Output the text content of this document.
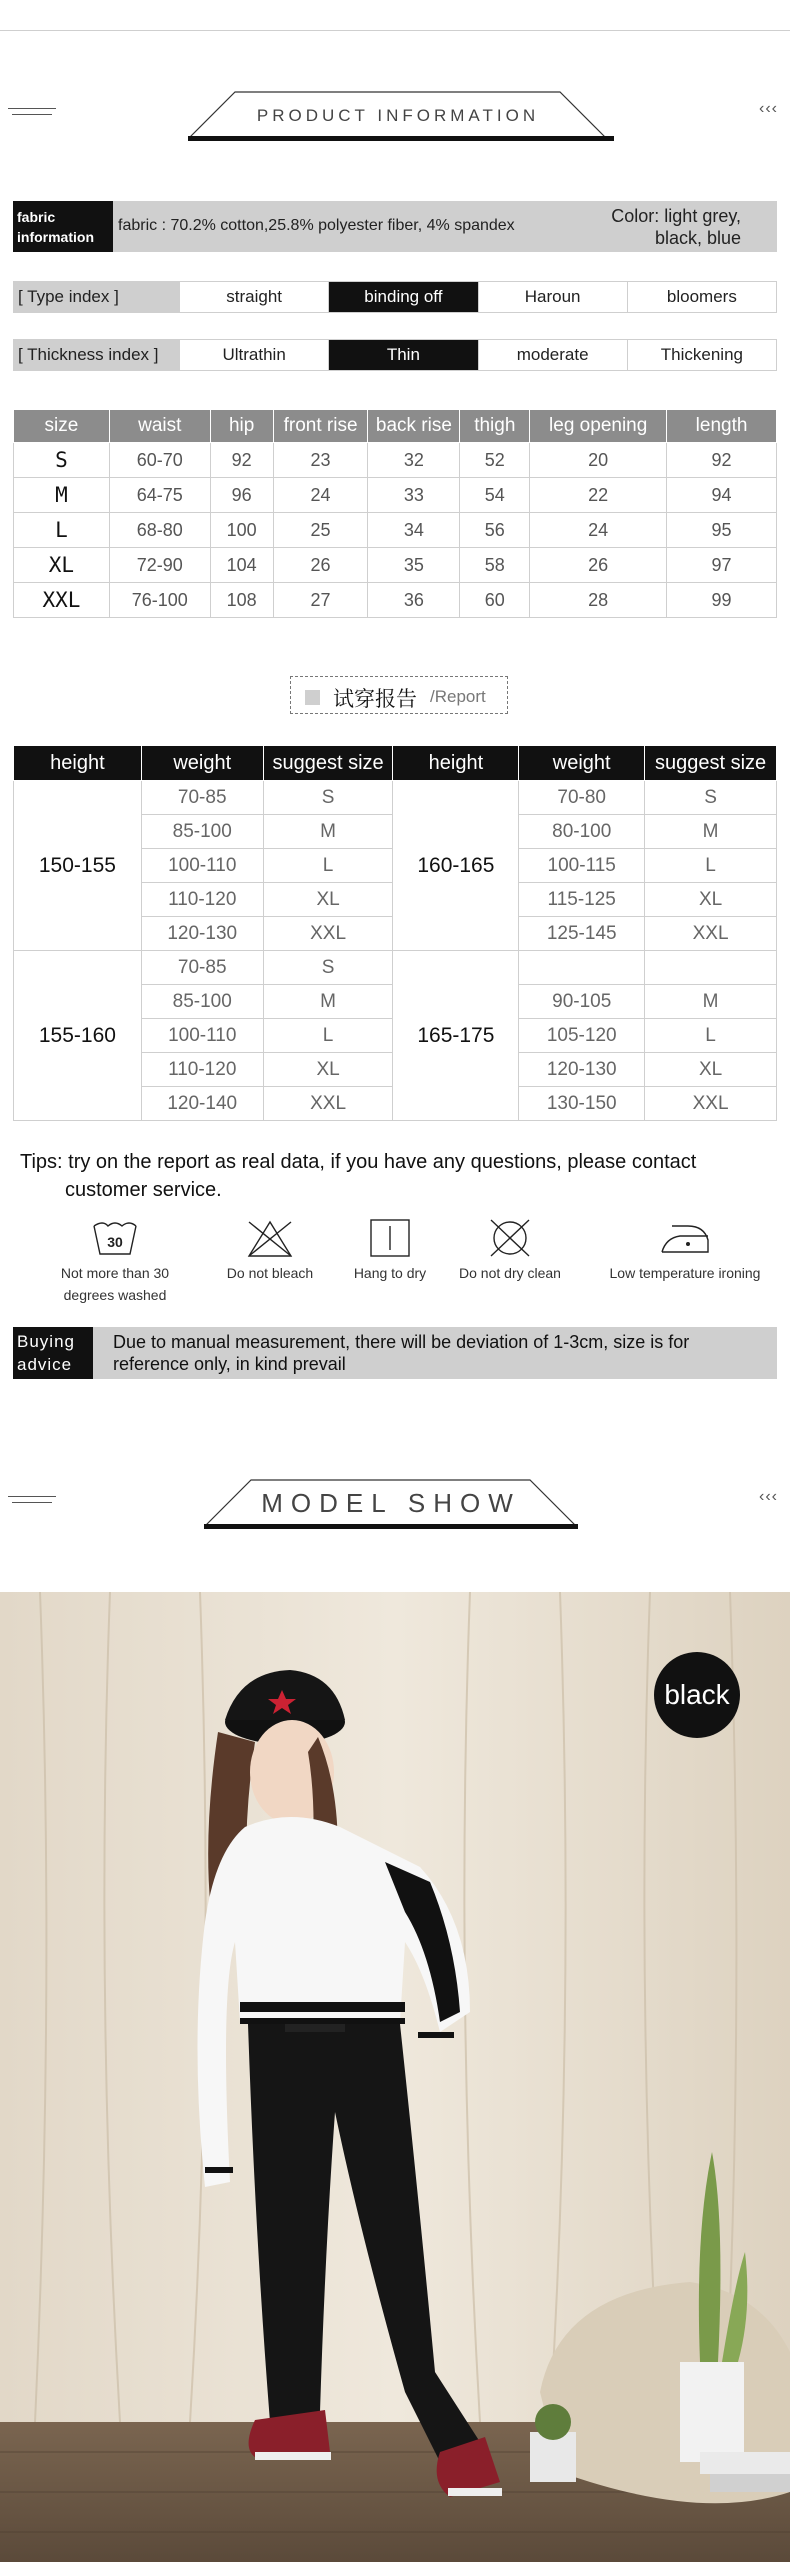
PRODUCT INFORMATION	‹‹‹
fabric
information
fabric : 70.2% cotton,25.8% polyester fiber, 4% spandex	Color: light grey,
black, blue
[ Type index ]	straight	binding off	Haroun	bloomers
[ Thickness index ]	Ultrathin	Thin	moderate	Thickening
size	waist	hip	front rise	back rise	thigh	leg opening	length
S	60-70	92	23	32	52	20	92
M	64-75	96	24	33	54	22	94
L	68-80	100	25	34	56	24	95
XL	72-90	104	26	35	58	26	97
XXL	76-100	108	27	36	60	28	99
试穿报告 /Report
height	weight	suggest size	height	weight	suggest size
150-155	70-85	S	160-165	70-80	S
	85-100	M		80-100	M
	100-110	L		100-115	L
	110-120	XL		115-125	XL
	120-130	XXL		125-145	XXL
155-160	70-85	S	165-175		
	85-100	M		90-105	M
	100-110	L		105-120	L
	110-120	XL		120-130	XL
	120-140	XXL		130-150	XXL
Tips: try on the report as real data, if you have any questions, please contact
customer service.
30
Not more than 30
degrees washed
Do not bleach	Hang to dry	Do not dry clean	Low temperature ironing
Buying
advice
Due to manual measurement, there will be deviation of 1-3cm, size is for reference only, in kind prevail
MODEL SHOW	‹‹‹
black
